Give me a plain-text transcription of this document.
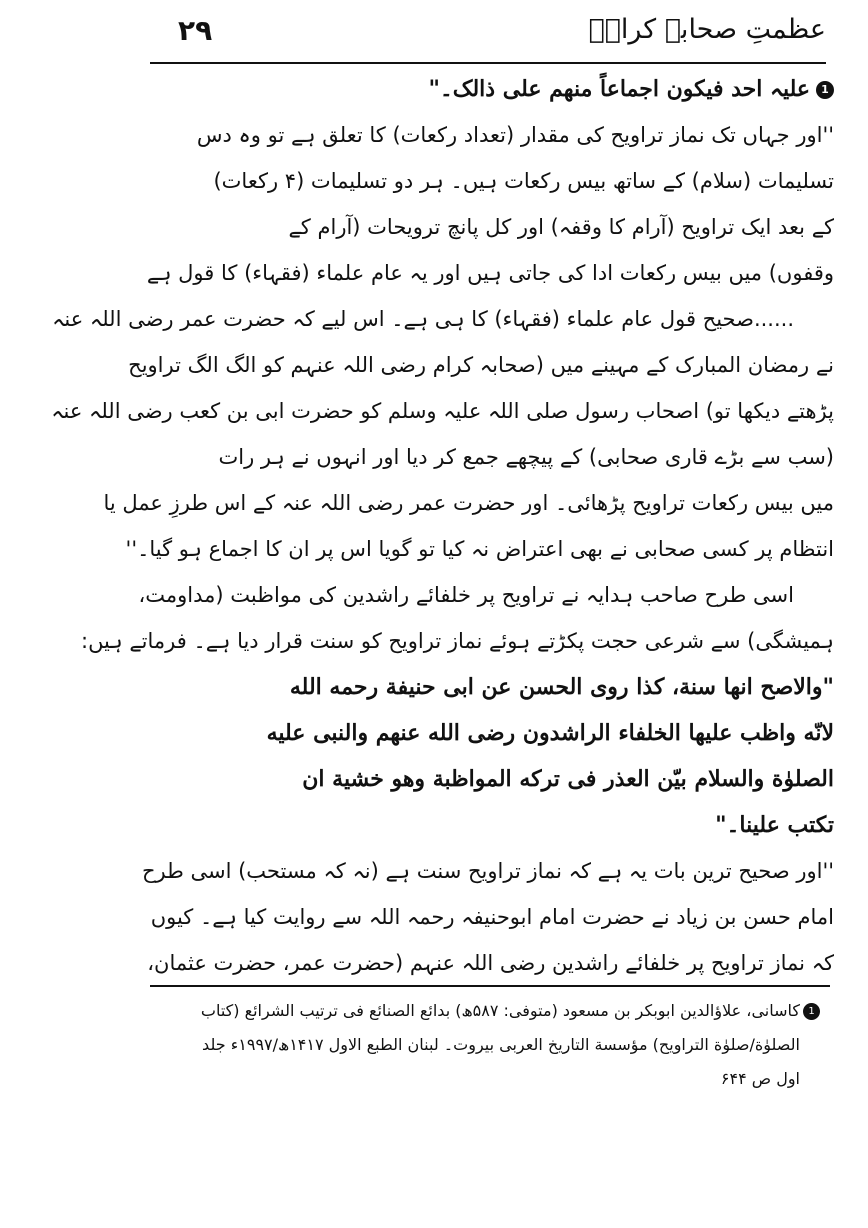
عظمتِ صحابہ کرامؓ
۲۹
1علیہ احد فیکون اجماعاً منھم علی ذالک۔"
''اور جہاں تک نماز تراویح کی مقدار (تعداد رکعات) کا تعلق ہے تو وہ دس
تسلیمات (سلام) کے ساتھ بیس رکعات ہیں۔ ہر دو تسلیمات (۴ رکعات)
کے بعد ایک تراویح (آرام کا وقفہ) اور کل پانچ ترویحات (آرام کے
وقفوں) میں بیس رکعات ادا کی جاتی ہیں اور یہ عام علماء (فقہاء) کا قول ہے
......صحیح قول عام علماء (فقہاء) کا ہی ہے۔ اس لیے کہ حضرت عمر رضی اللہ عنہ
نے رمضان المبارک کے مہینے میں (صحابہ کرام رضی اللہ عنہم کو الگ الگ تراویح
پڑھتے دیکھا تو) اصحاب رسول صلی اللہ علیہ وسلم کو حضرت ابی بن کعب رضی اللہ عنہ
(سب سے بڑے قاری صحابی) کے پیچھے جمع کر دیا اور انہوں نے ہر رات
میں بیس رکعات تراویح پڑھائی۔ اور حضرت عمر رضی اللہ عنہ کے اس طرزِ عمل یا
انتظام پر کسی صحابی نے بھی اعتراض نہ کیا تو گویا اس پر ان کا اجماع ہو گیا۔''
اسی طرح صاحب ہدایہ نے تراویح پر خلفائے راشدین کی مواظبت (مداومت،
ہمیشگی) سے شرعی حجت پکڑتے ہوئے نماز تراویح کو سنت قرار دیا ہے۔ فرماتے ہیں:
"والاصح انھا سنة، کذا روی الحسن عن ابی حنیفة رحمه الله
لانّه واظب علیھا الخلفاء الراشدون رضی الله عنھم والنبی علیه
الصلوٰة والسلام بیّن العذر فی ترکه المواظبة وھو خشیة ان
تکتب علینا۔"
''اور صحیح ترین بات یہ ہے کہ نماز تراویح سنت ہے (نہ کہ مستحب) اسی طرح
امام حسن بن زیاد نے حضرت امام ابوحنیفہ رحمہ اللہ سے روایت کیا ہے۔ کیوں
کہ نماز تراویح پر خلفائے راشدین رضی اللہ عنہم (حضرت عمر، حضرت عثمان،
1
کاسانی، علاؤالدین ابوبکر بن مسعود (متوفی: ۵۸۷ھ) بدائع الصنائع فی ترتیب الشرائع (کتاب
الصلوٰة/صلوٰة التراویح) مؤسسة التاریخ العربی بیروت۔ لبنان الطبع الاول ۱۴۱۷ھ/۱۹۹۷ء جلد
اول ص ۶۴۴
